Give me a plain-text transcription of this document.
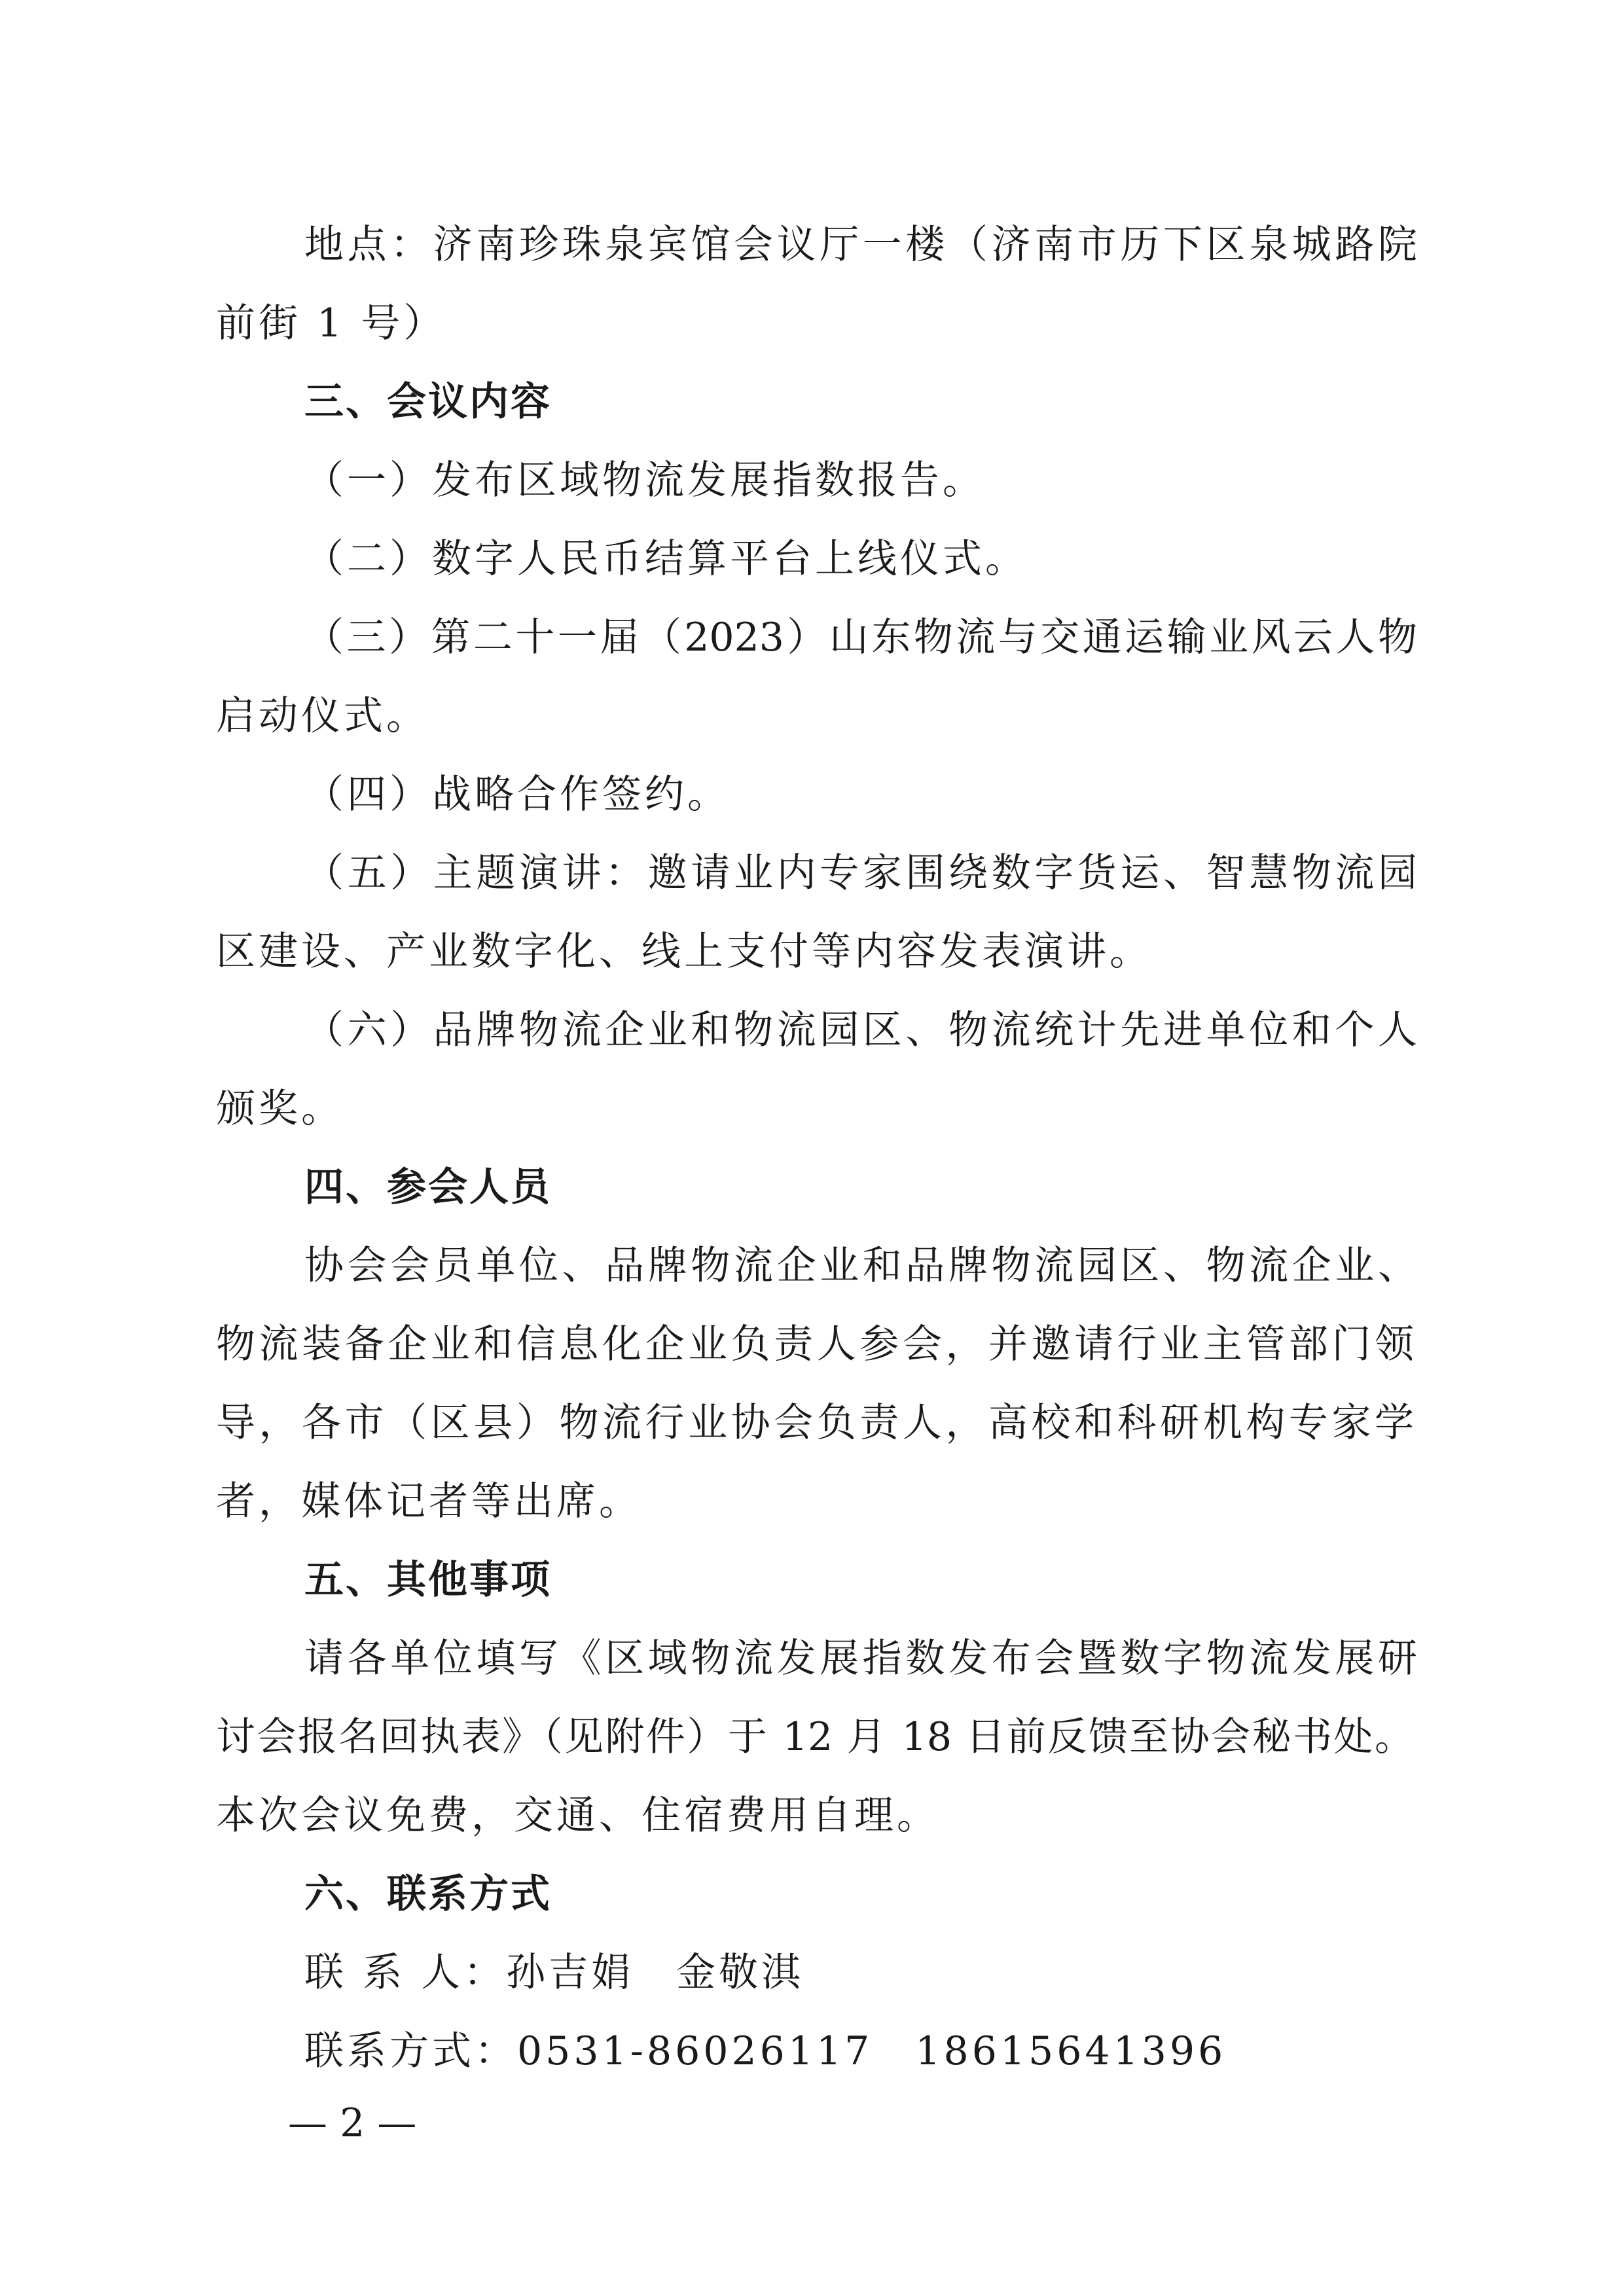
地点：济南珍珠泉宾馆会议厅一楼（济南市历下区泉城路院
前街 1 号）
三、会议内容
（一）发布区域物流发展指数报告。
（二）数字人民币结算平台上线仪式。
（三）第二十一届（2023）山东物流与交通运输业风云人物
启动仪式。
（四）战略合作签约。
（五）主题演讲：邀请业内专家围绕数字货运、智慧物流园
区建设、产业数字化、线上支付等内容发表演讲。
（六）品牌物流企业和物流园区、物流统计先进单位和个人
颁奖。
四、参会人员
协会会员单位、品牌物流企业和品牌物流园区、物流企业、
物流装备企业和信息化企业负责人参会，并邀请行业主管部门领
导，各市（区县）物流行业协会负责人，高校和科研机构专家学
者，媒体记者等出席。
五、其他事项
请各单位填写《区域物流发展指数发布会暨数字物流发展研
讨会报名回执表》（见附件）于 12 月 18 日前反馈至协会秘书处。
本次会议免费，交通、住宿费用自理。
六、联系方式
联 系 人：孙吉娟　金敬淇
联系方式：0531-86026117　18615641396
— 2 —
